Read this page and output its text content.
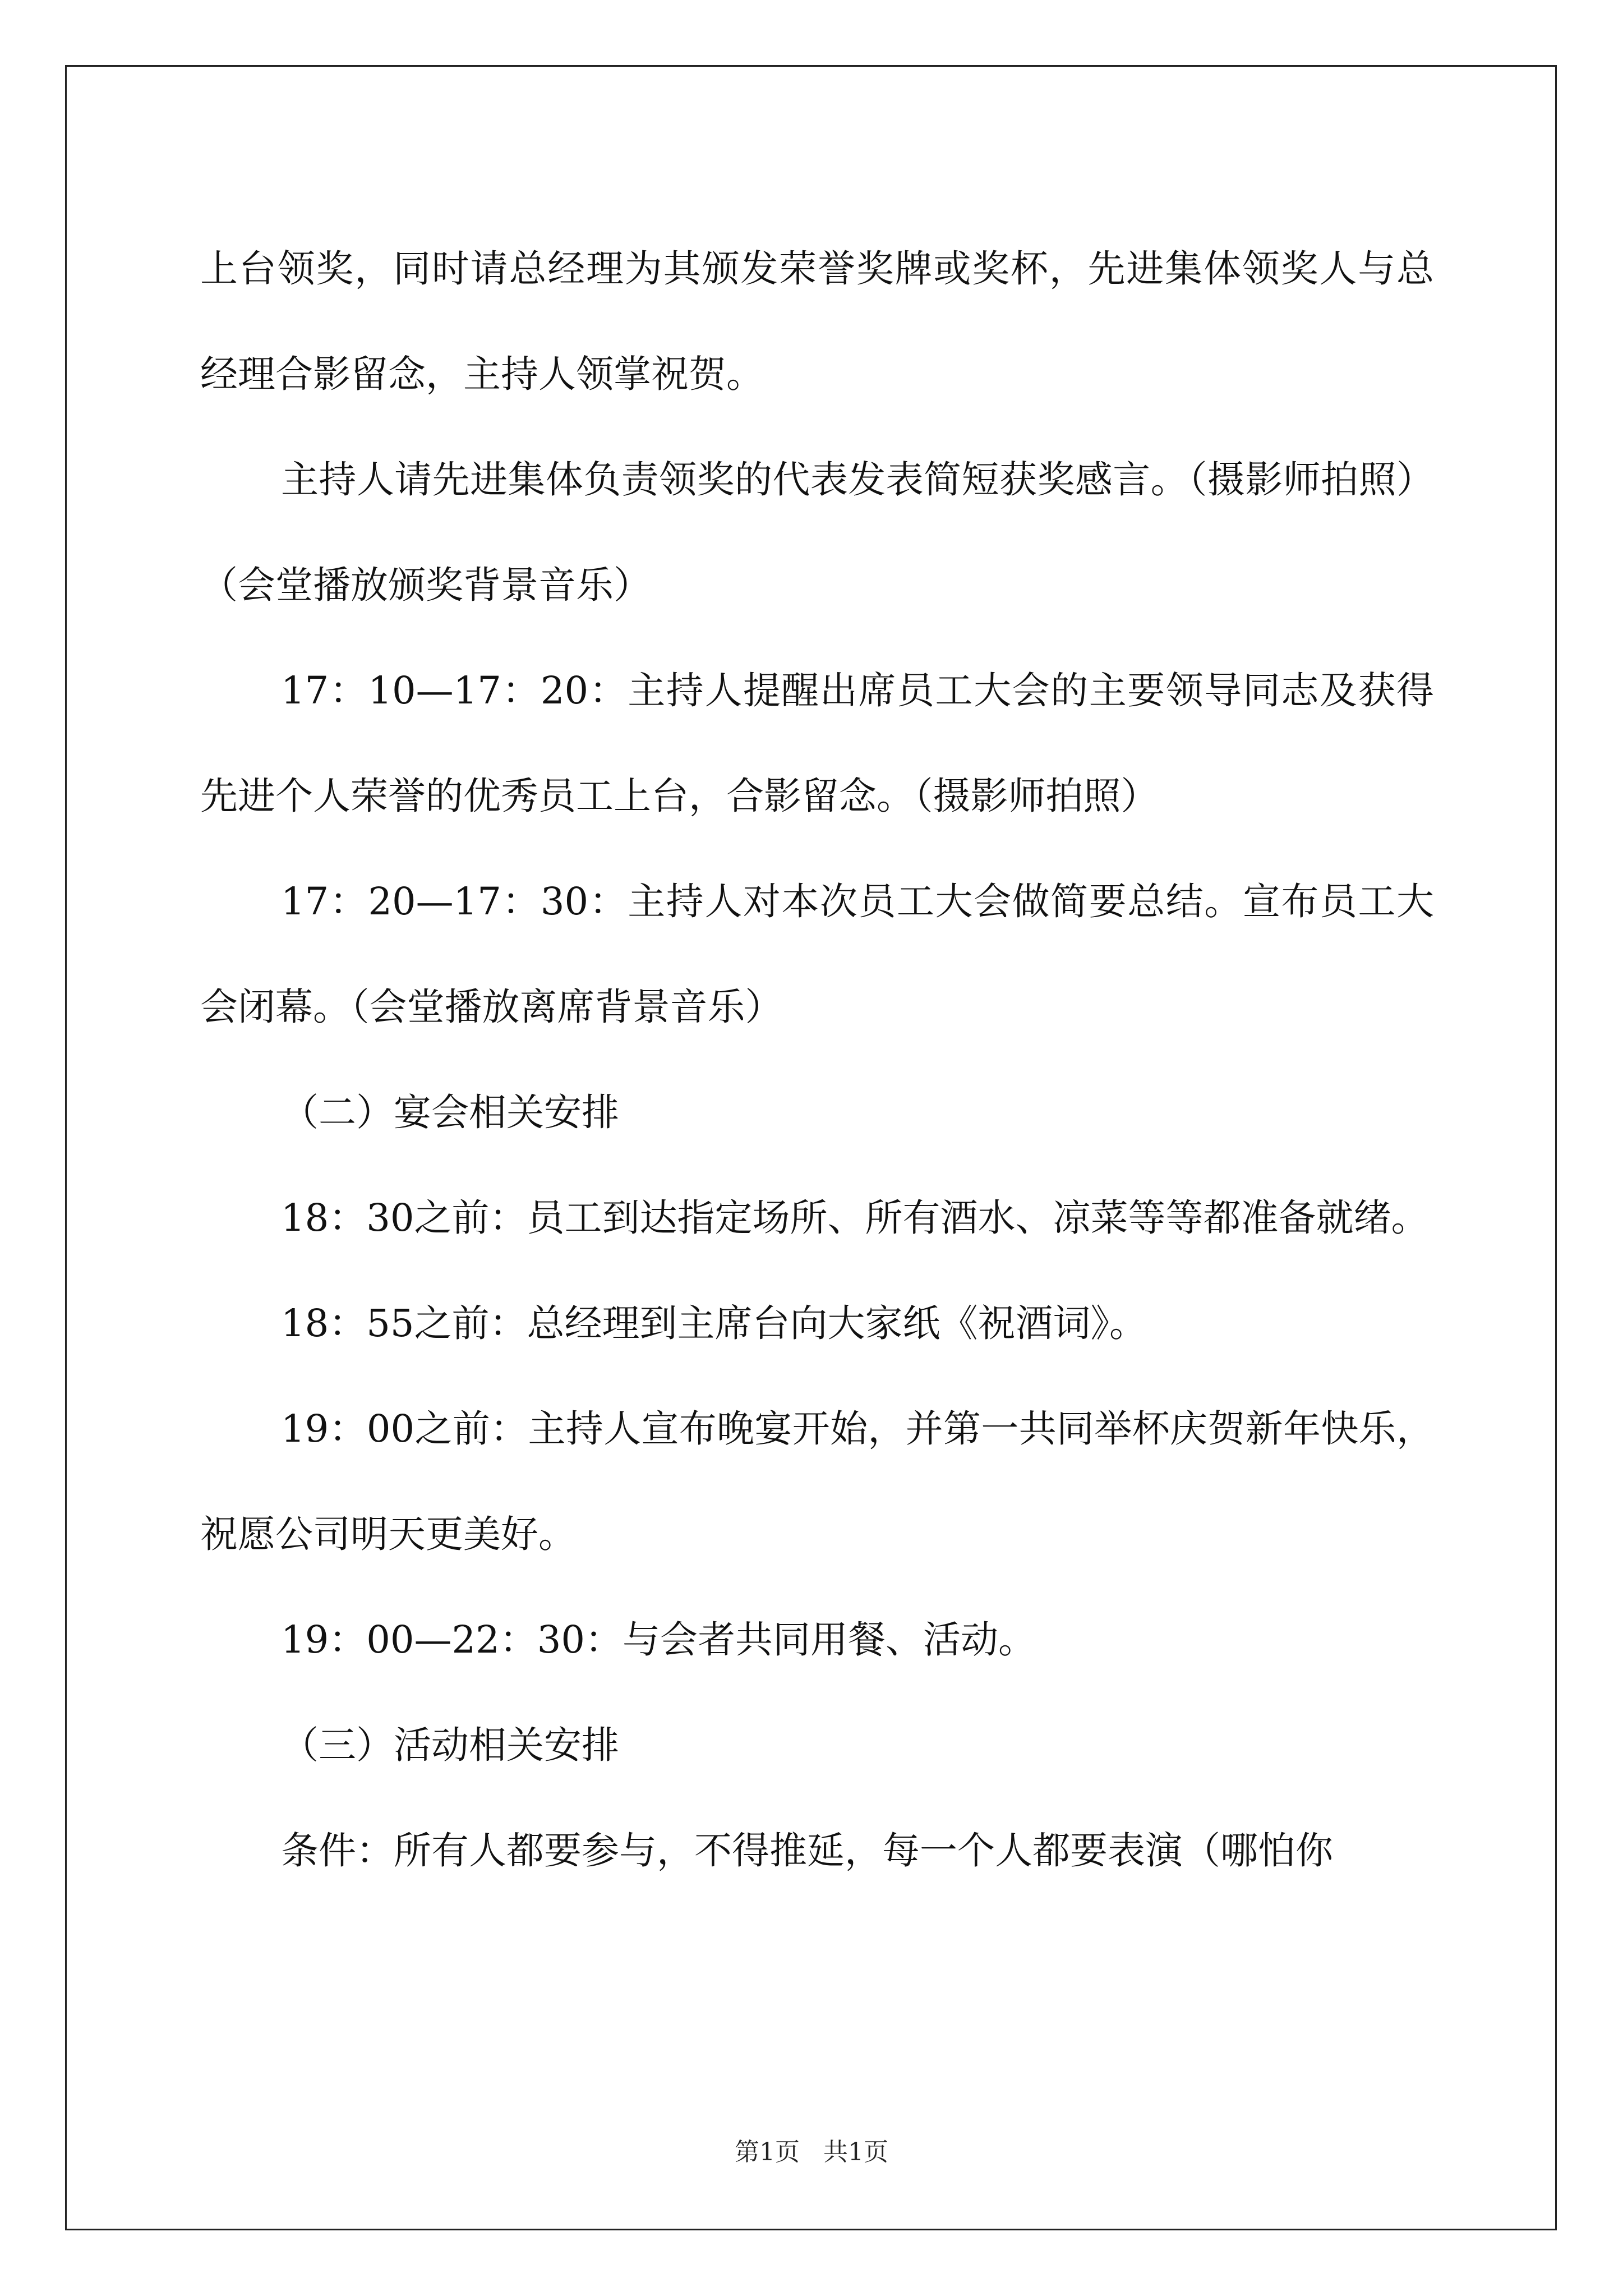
上台领奖，同时请总经理为其颁发荣誉奖牌或奖杯，先进集体领奖人与总经理合影留念，主持人领掌祝贺。

主持人请先进集体负责领奖的代表发表简短获奖感言。（摄影师拍照）（会堂播放颁奖背景音乐）

17：10—17：20：主持人提醒出席员工大会的主要领导同志及获得先进个人荣誉的优秀员工上台，合影留念。（摄影师拍照）

17：20—17：30：主持人对本次员工大会做简要总结。宣布员工大会闭幕。（会堂播放离席背景音乐）

（二）宴会相关安排

18：30之前：员工到达指定场所、所有酒水、凉菜等等都准备就绪。

18：55之前：总经理到主席台向大家纸《祝酒词》。

19：00之前：主持人宣布晚宴开始，并第一共同举杯庆贺新年快乐，祝愿公司明天更美好。

19：00—22：30：与会者共同用餐、活动。

（三）活动相关安排

条件：所有人都要参与，不得推延，每一个人都要表演（哪怕你

第1页   共1页
